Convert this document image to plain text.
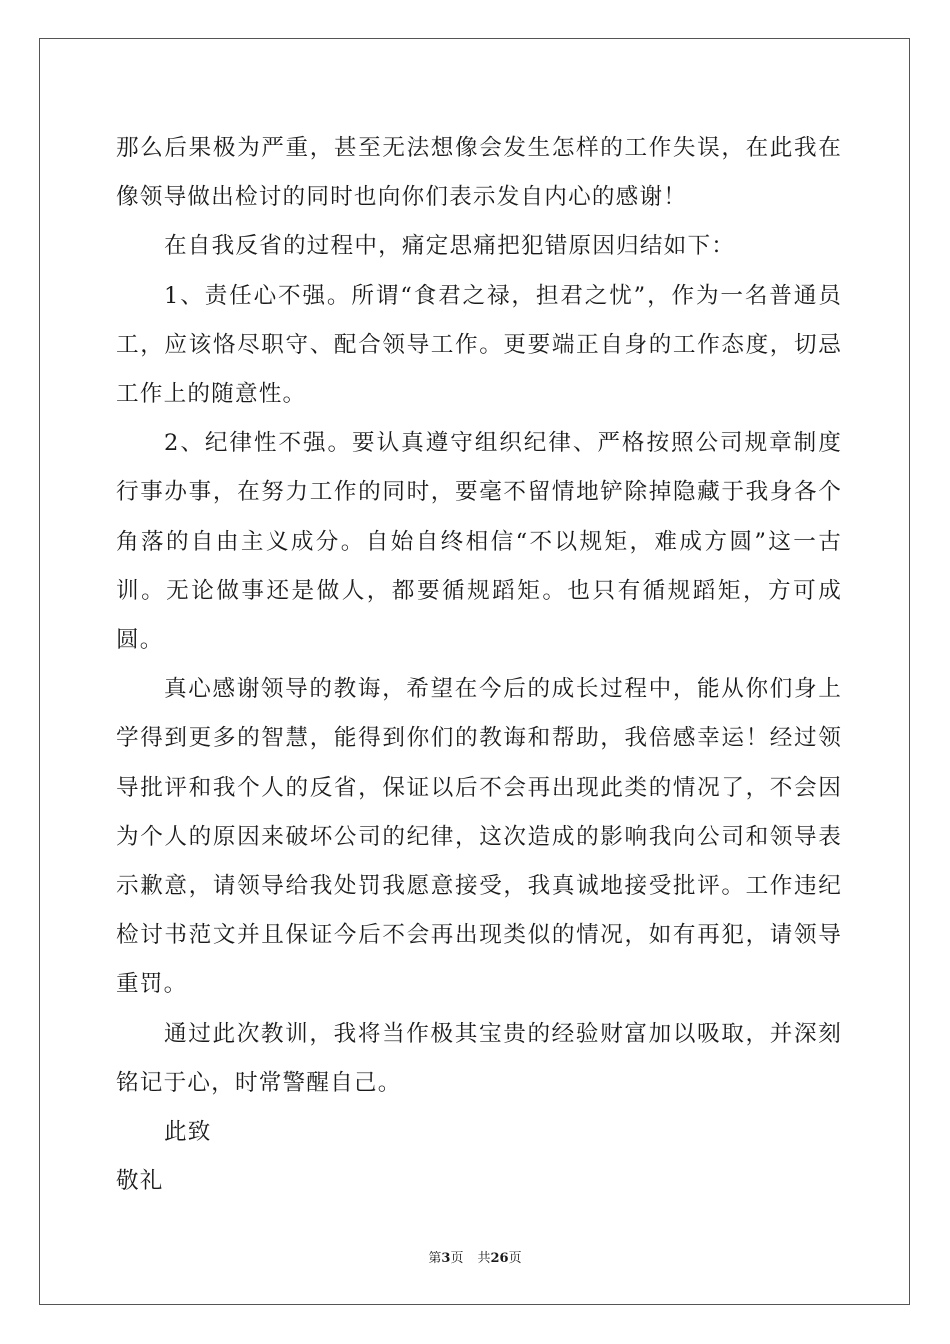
那么后果极为严重，甚至无法想像会发生怎样的工作失误，在此我在像领导做出检讨的同时也向你们表示发自内心的感谢！

在自我反省的过程中，痛定思痛把犯错原因归结如下：

1、责任心不强。所谓“食君之禄，担君之忧”，作为一名普通员工，应该恪尽职守、配合领导工作。更要端正自身的工作态度，切忌工作上的随意性。

2、纪律性不强。要认真遵守组织纪律、严格按照公司规章制度行事办事，在努力工作的同时，要毫不留情地铲除掉隐藏于我身各个角落的自由主义成分。自始自终相信“不以规矩，难成方圆”这一古训。无论做事还是做人，都要循规蹈矩。也只有循规蹈矩，方可成圆。

真心感谢领导的教诲，希望在今后的成长过程中，能从你们身上学得到更多的智慧，能得到你们的教诲和帮助，我倍感幸运！经过领导批评和我个人的反省，保证以后不会再出现此类的情况了，不会因为个人的原因来破坏公司的纪律，这次造成的影响我向公司和领导表示歉意，请领导给我处罚我愿意接受，我真诚地接受批评。工作违纪检讨书范文并且保证今后不会再出现类似的情况，如有再犯，请领导重罚。

通过此次教训，我将当作极其宝贵的经验财富加以吸取，并深刻铭记于心，时常警醒自己。

此致

敬礼

第3页 共26页
